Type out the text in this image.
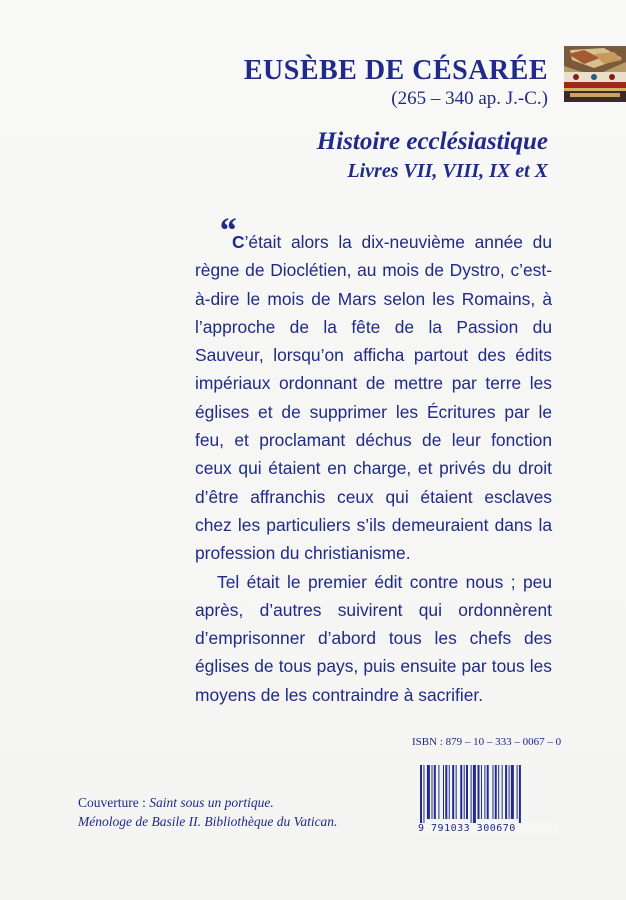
EUSÈBE DE CÉSARÉE
(265 – 340 ap. J.-C.)
Histoire ecclésiastique
Livres VII, VIII, IX et X
“

C’était alors la dix-neuvième année du règne de Dioclétien, au mois de Dystro, c’est-à-dire le mois de Mars selon les Romains, à l’approche de la fête de la Passion du Sauveur, lorsqu’on afficha partout des édits impériaux ordonnant de mettre par terre les églises et de supprimer les Écritures par le feu, et proclamant déchus de leur fonction ceux qui étaient en charge, et privés du droit d’être affranchis ceux qui étaient esclaves chez les particuliers s’ils demeuraient dans la profession du christianisme.

Tel était le premier édit contre nous ; peu après, d’autres suivirent qui ordonnèrent d’emprisonner d’abord tous les chefs des églises de tous pays, puis ensuite par tous les moyens de les contraindre à sacrifier.

ISBN : 879 – 10 – 333 – 0067 – 0
9 791033 300670
Couverture : Saint sous un portique.
Ménologe de Basile II. Bibliothèque du Vatican.
